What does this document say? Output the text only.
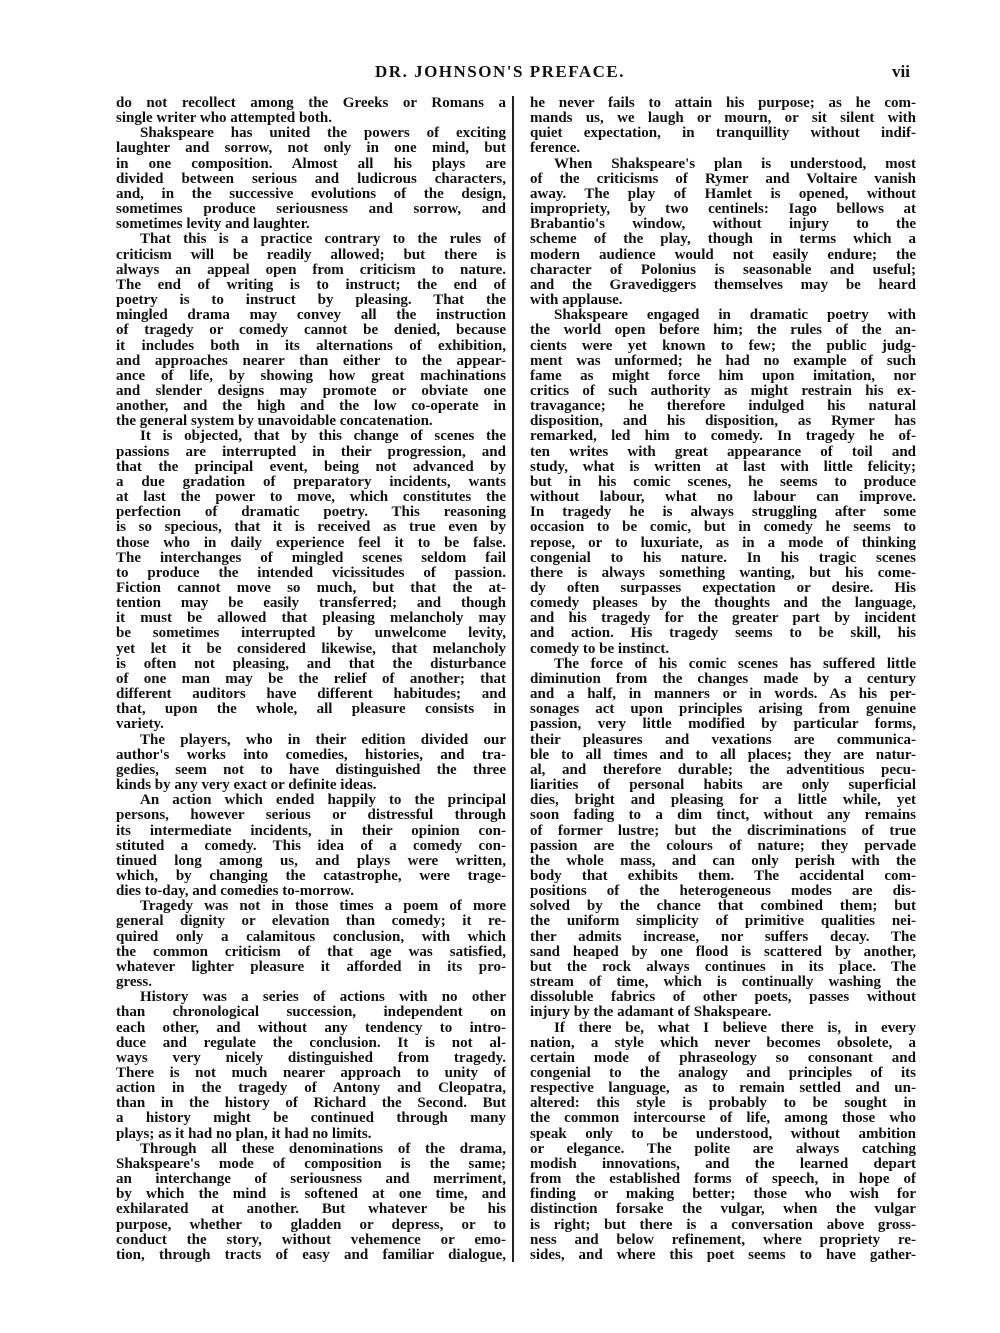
DR. JOHNSON'S PREFACE.	vii
do not recollect among the Greeks or Romans a
single writer who attempted both.
Shakspeare has united the powers of exciting
laughter and sorrow, not only in one mind, but
in one composition. Almost all his plays are
divided between serious and ludicrous characters,
and, in the successive evolutions of the design,
sometimes produce seriousness and sorrow, and
sometimes levity and laughter.
That this is a practice contrary to the rules of
criticism will be readily allowed; but there is
always an appeal open from criticism to nature.
The end of writing is to instruct; the end of
poetry is to instruct by pleasing. That the
mingled drama may convey all the instruction
of tragedy or comedy cannot be denied, because
it includes both in its alternations of exhibition,
and approaches nearer than either to the appear-
ance of life, by showing how great machinations
and slender designs may promote or obviate one
another, and the high and the low co-operate in
the general system by unavoidable concatenation.
It is objected, that by this change of scenes the
passions are interrupted in their progression, and
that the principal event, being not advanced by
a due gradation of preparatory incidents, wants
at last the power to move, which constitutes the
perfection of dramatic poetry. This reasoning
is so specious, that it is received as true even by
those who in daily experience feel it to be false.
The interchanges of mingled scenes seldom fail
to produce the intended vicissitudes of passion.
Fiction cannot move so much, but that the at-
tention may be easily transferred; and though
it must be allowed that pleasing melancholy may
be sometimes interrupted by unwelcome levity,
yet let it be considered likewise, that melancholy
is often not pleasing, and that the disturbance
of one man may be the relief of another; that
different auditors have different habitudes; and
that, upon the whole, all pleasure consists in
variety.
The players, who in their edition divided our
author's works into comedies, histories, and tra-
gedies, seem not to have distinguished the three
kinds by any very exact or definite ideas.
An action which ended happily to the principal
persons, however serious or distressful through
its intermediate incidents, in their opinion con-
stituted a comedy. This idea of a comedy con-
tinued long among us, and plays were written,
which, by changing the catastrophe, were trage-
dies to-day, and comedies to-morrow.
Tragedy was not in those times a poem of more
general dignity or elevation than comedy; it re-
quired only a calamitous conclusion, with which
the common criticism of that age was satisfied,
whatever lighter pleasure it afforded in its pro-
gress.
History was a series of actions with no other
than chronological succession, independent on
each other, and without any tendency to intro-
duce and regulate the conclusion. It is not al-
ways very nicely distinguished from tragedy.
There is not much nearer approach to unity of
action in the tragedy of Antony and Cleopatra,
than in the history of Richard the Second. But
a history might be continued through many
plays; as it had no plan, it had no limits.
Through all these denominations of the drama,
Shakspeare's mode of composition is the same;
an interchange of seriousness and merriment,
by which the mind is softened at one time, and
exhilarated at another. But whatever be his
purpose, whether to gladden or depress, or to
conduct the story, without vehemence or emo-
tion, through tracts of easy and familiar dialogue,
he never fails to attain his purpose; as he com-
mands us, we laugh or mourn, or sit silent with
quiet expectation, in tranquillity without indif-
ference.
When Shakspeare's plan is understood, most
of the criticisms of Rymer and Voltaire vanish
away. The play of Hamlet is opened, without
impropriety, by two centinels: Iago bellows at
Brabantio's window, without injury to the
scheme of the play, though in terms which a
modern audience would not easily endure; the
character of Polonius is seasonable and useful;
and the Gravediggers themselves may be heard
with applause.
Shakspeare engaged in dramatic poetry with
the world open before him; the rules of the an-
cients were yet known to few; the public judg-
ment was unformed; he had no example of such
fame as might force him upon imitation, nor
critics of such authority as might restrain his ex-
travagance; he therefore indulged his natural
disposition, and his disposition, as Rymer has
remarked, led him to comedy. In tragedy he of-
ten writes with great appearance of toil and
study, what is written at last with little felicity;
but in his comic scenes, he seems to produce
without labour, what no labour can improve.
In tragedy he is always struggling after some
occasion to be comic, but in comedy he seems to
repose, or to luxuriate, as in a mode of thinking
congenial to his nature. In his tragic scenes
there is always something wanting, but his come-
dy often surpasses expectation or desire. His
comedy pleases by the thoughts and the language,
and his tragedy for the greater part by incident
and action. His tragedy seems to be skill, his
comedy to be instinct.
The force of his comic scenes has suffered little
diminution from the changes made by a century
and a half, in manners or in words. As his per-
sonages act upon principles arising from genuine
passion, very little modified by particular forms,
their pleasures and vexations are communica-
ble to all times and to all places; they are natur-
al, and therefore durable; the adventitious pecu-
liarities of personal habits are only superficial
dies, bright and pleasing for a little while, yet
soon fading to a dim tinct, without any remains
of former lustre; but the discriminations of true
passion are the colours of nature; they pervade
the whole mass, and can only perish with the
body that exhibits them. The accidental com-
positions of the heterogeneous modes are dis-
solved by the chance that combined them; but
the uniform simplicity of primitive qualities nei-
ther admits increase, nor suffers decay. The
sand heaped by one flood is scattered by another,
but the rock always continues in its place. The
stream of time, which is continually washing the
dissoluble fabrics of other poets, passes without
injury by the adamant of Shakspeare.
If there be, what I believe there is, in every
nation, a style which never becomes obsolete, a
certain mode of phraseology so consonant and
congenial to the analogy and principles of its
respective language, as to remain settled and un-
altered: this style is probably to be sought in
the common intercourse of life, among those who
speak only to be understood, without ambition
or elegance. The polite are always catching
modish innovations, and the learned depart
from the established forms of speech, in hope of
finding or making better; those who wish for
distinction forsake the vulgar, when the vulgar
is right; but there is a conversation above gross-
ness and below refinement, where propriety re-
sides, and where this poet seems to have gather-
